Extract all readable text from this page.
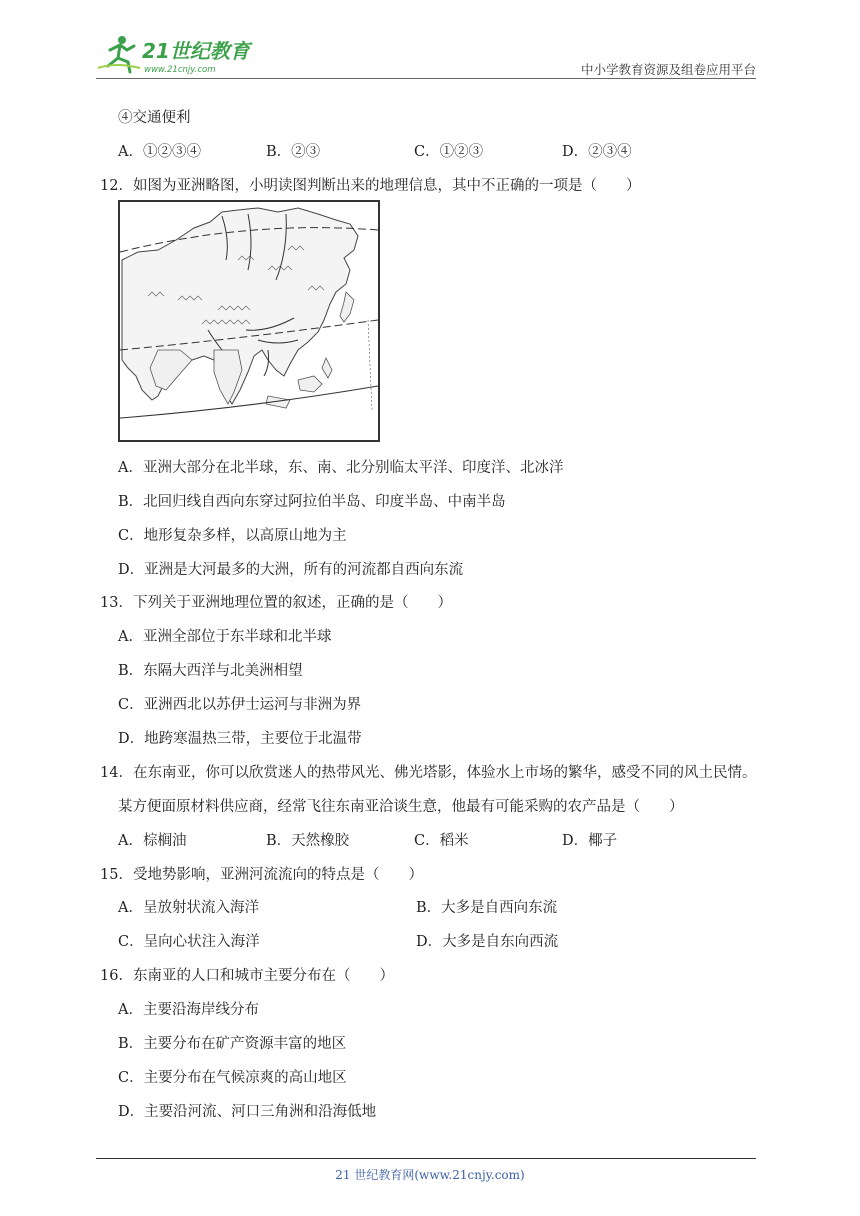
21世纪教育
www.21cnjy.com	中小学教育资源及组卷应用平台
④交通便利
A．①②③④	B．②③	C．①②③	D．②③④
12．如图为亚洲略图，小明读图判断出来的地理信息，其中不正确的一项是（　　）
A．亚洲大部分在北半球，东、南、北分别临太平洋、印度洋、北冰洋
B．北回归线自西向东穿过阿拉伯半岛、印度半岛、中南半岛
C．地形复杂多样，以高原山地为主
D．亚洲是大河最多的大洲，所有的河流都自西向东流
13．下列关于亚洲地理位置的叙述，正确的是（　　）
A．亚洲全部位于东半球和北半球
B．东隔大西洋与北美洲相望
C．亚洲西北以苏伊士运河与非洲为界
D．地跨寒温热三带，主要位于北温带
14．在东南亚，你可以欣赏迷人的热带风光、佛光塔影，体验水上市场的繁华，感受不同的风土民情。
某方便面原材料供应商，经常飞往东南亚洽谈生意，他最有可能采购的农产品是（　　）
A．棕榈油	B．天然橡胶	C．稻米	D．椰子
15．受地势影响，亚洲河流流向的特点是（　　）
A．呈放射状流入海洋	B．大多是自西向东流
C．呈向心状注入海洋	D．大多是自东向西流
16．东南亚的人口和城市主要分布在（　　）
A．主要沿海岸线分布
B．主要分布在矿产资源丰富的地区
C．主要分布在气候凉爽的高山地区
D．主要沿河流、河口三角洲和沿海低地
21 世纪教育网(www.21cnjy.com)
